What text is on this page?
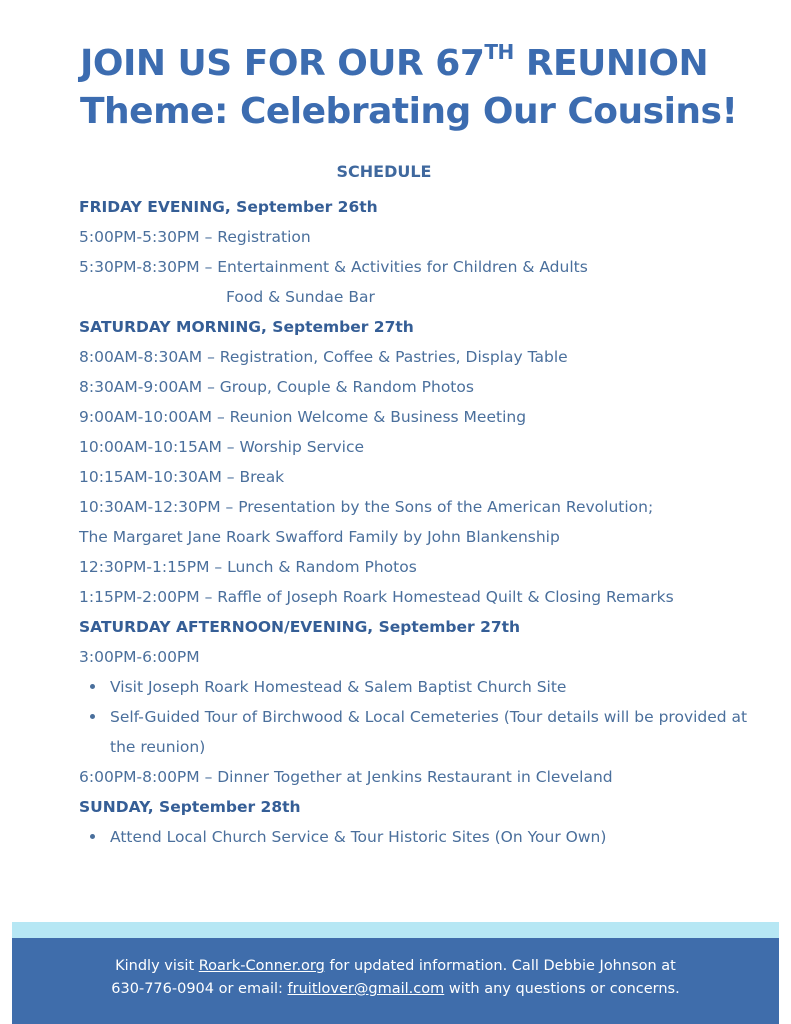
JOIN US FOR OUR 67TH REUNION
Theme: Celebrating Our Cousins!
SCHEDULE
FRIDAY EVENING, September 26th
5:00PM-5:30PM – Registration
5:30PM-8:30PM – Entertainment & Activities for Children & Adults
Food & Sundae Bar
SATURDAY MORNING, September 27th
8:00AM-8:30AM – Registration, Coffee & Pastries, Display Table
8:30AM-9:00AM – Group, Couple & Random Photos
9:00AM-10:00AM – Reunion Welcome & Business Meeting
10:00AM-10:15AM – Worship Service
10:15AM-10:30AM – Break
10:30AM-12:30PM – Presentation by the Sons of the American Revolution;
The Margaret Jane Roark Swafford Family by John Blankenship
12:30PM-1:15PM – Lunch & Random Photos
1:15PM-2:00PM – Raffle of Joseph Roark Homestead Quilt & Closing Remarks
SATURDAY AFTERNOON/EVENING, September 27th
3:00PM-6:00PM
Visit Joseph Roark Homestead & Salem Baptist Church Site
Self-Guided Tour of Birchwood & Local Cemeteries (Tour details will be provided at the reunion)
6:00PM-8:00PM – Dinner Together at Jenkins Restaurant in Cleveland
SUNDAY, September 28th
Attend Local Church Service & Tour Historic Sites (On Your Own)
Kindly visit Roark-Conner.org for updated information. Call Debbie Johnson at
630-776-0904 or email: fruitlover@gmail.com with any questions or concerns.
